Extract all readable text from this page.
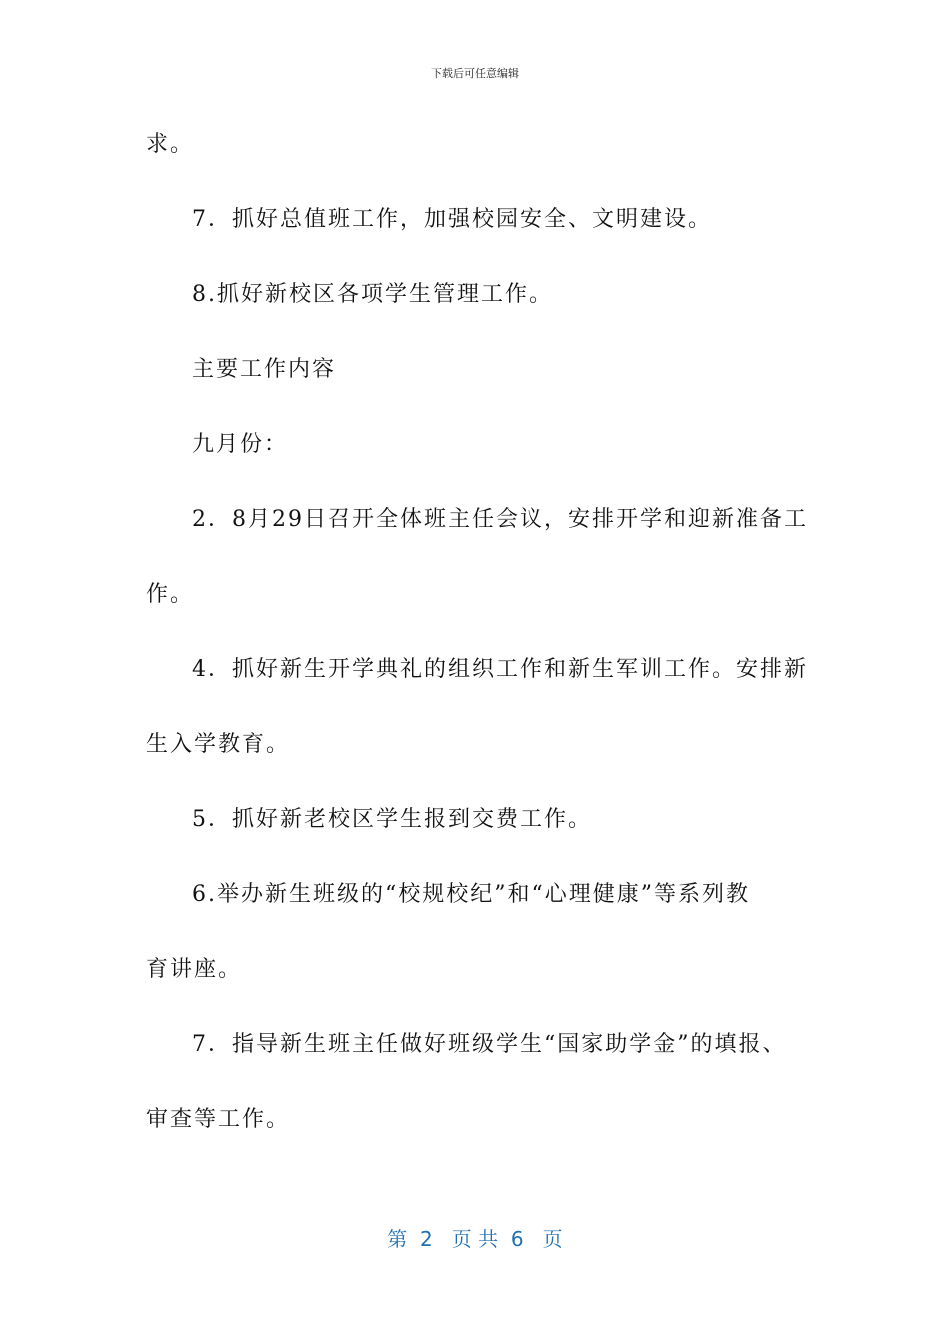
下载后可任意编辑
求。
7．抓好总值班工作，加强校园安全、文明建设。
8.抓好新校区各项学生管理工作。
主要工作内容
九月份：
2．8月29日召开全体班主任会议，安排开学和迎新准备工
作。
4．抓好新生开学典礼的组织工作和新生军训工作。安排新
生入学教育。
5．抓好新老校区学生报到交费工作。
6.举办新生班级的“校规校纪”和“心理健康”等系列教
育讲座。
7．指导新生班主任做好班级学生“国家助学金”的填报、
审查等工作。
第  2   页 共  6   页
